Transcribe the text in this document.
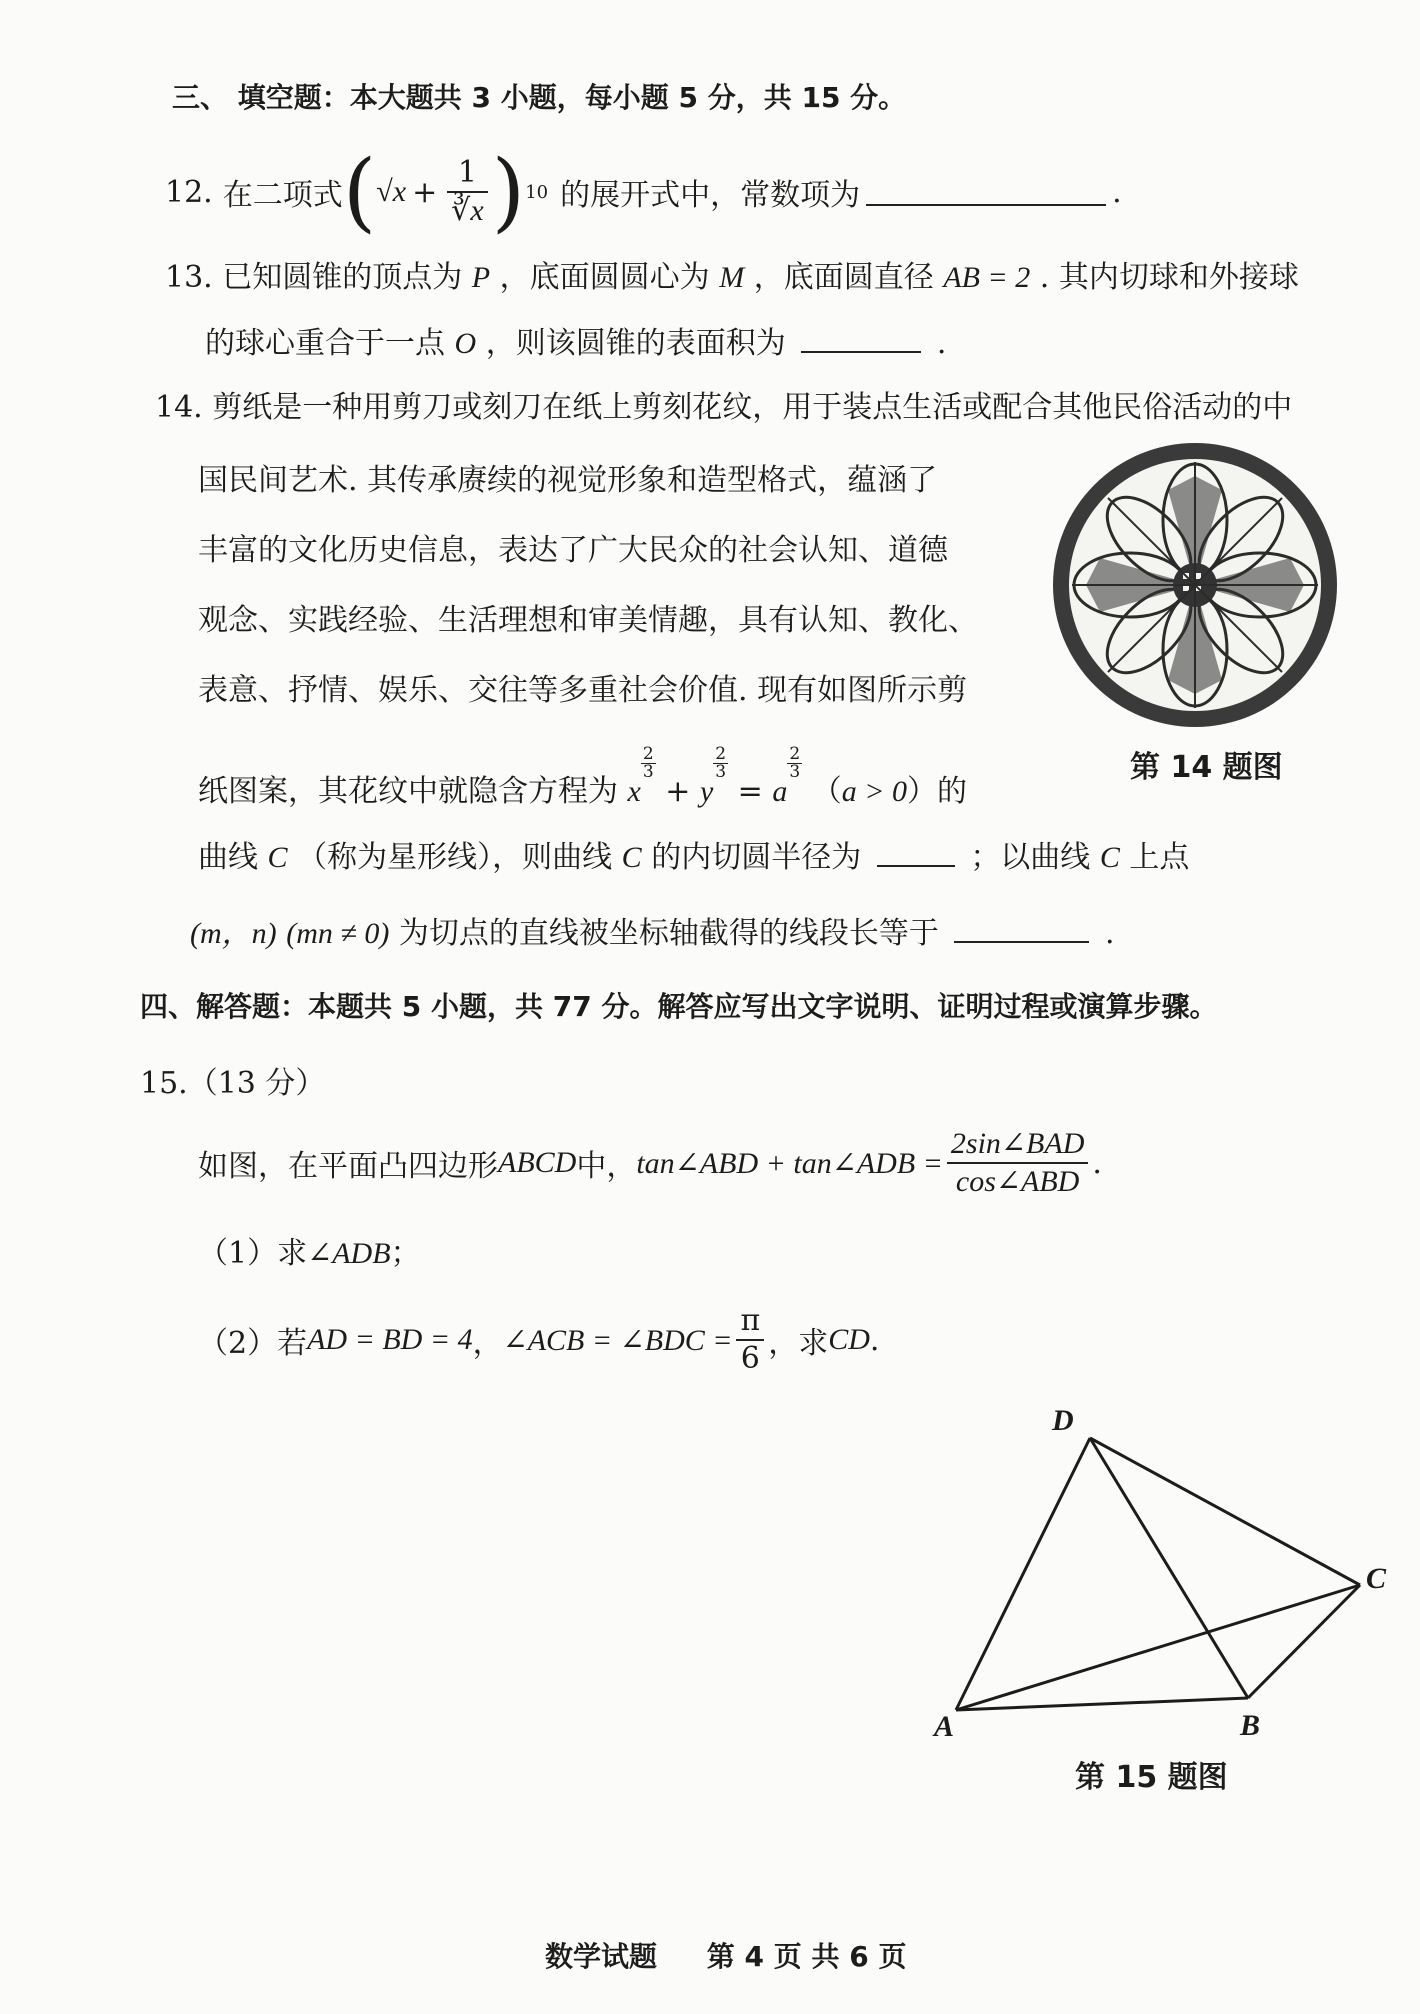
三、 填空题：本大题共 3 小题，每小题 5 分，共 15 分。
12. 在二项式 ( $√x + \frac{1}{∛x}$ ) 10 的展开式中，常数项为	.
13. 已知圆锥的顶点为 P ，底面圆圆心为 M ，底面圆直径 AB = 2 . 其内切球和外接球
的球心重合于一点 O ，则该圆锥的表面积为	.
14. 剪纸是一种用剪刀或刻刀在纸上剪刻花纹，用于装点生活或配合其他民俗活动的中
国民间艺术. 其传承赓续的视觉形象和造型格式，蕴涵了
丰富的文化历史信息，表达了广大民众的社会认知、道德
观念、实践经验、生活理想和审美情趣，具有认知、教化、
表意、抒情、娱乐、交往等多重社会价值. 现有如图所示剪
纸图案，其花纹中就隐含方程为 x
$\frac{2}{3}$
+ y
$\frac{2}{3}$
= a
$\frac{2}{3}$
（a > 0）的
曲线 C （称为星形线），则曲线 C 的内切圆半径为	；以曲线 C 上点
(m，n) (mn ≠ 0) 为切点的直线被坐标轴截得的线段长等于	.
第 14 题图
四、解答题：本题共 5 小题，共 77 分。解答应写出文字说明、证明过程或演算步骤。
15.（13 分）
如图，在平面凸四边形 ABCD 中， tan∠ABD + tan∠ADB = $\frac{\text{2sin∠BAD}}{\text{cos∠ABD}}$ .
（1）求∠ADB；
（2）若 AD = BD = 4 ， ∠ACB = ∠BDC = $\frac{\pi}{6}$ ，求 CD .
D
A	B
C
第 15 题图
数学试题 第 4 页 共 6 页
